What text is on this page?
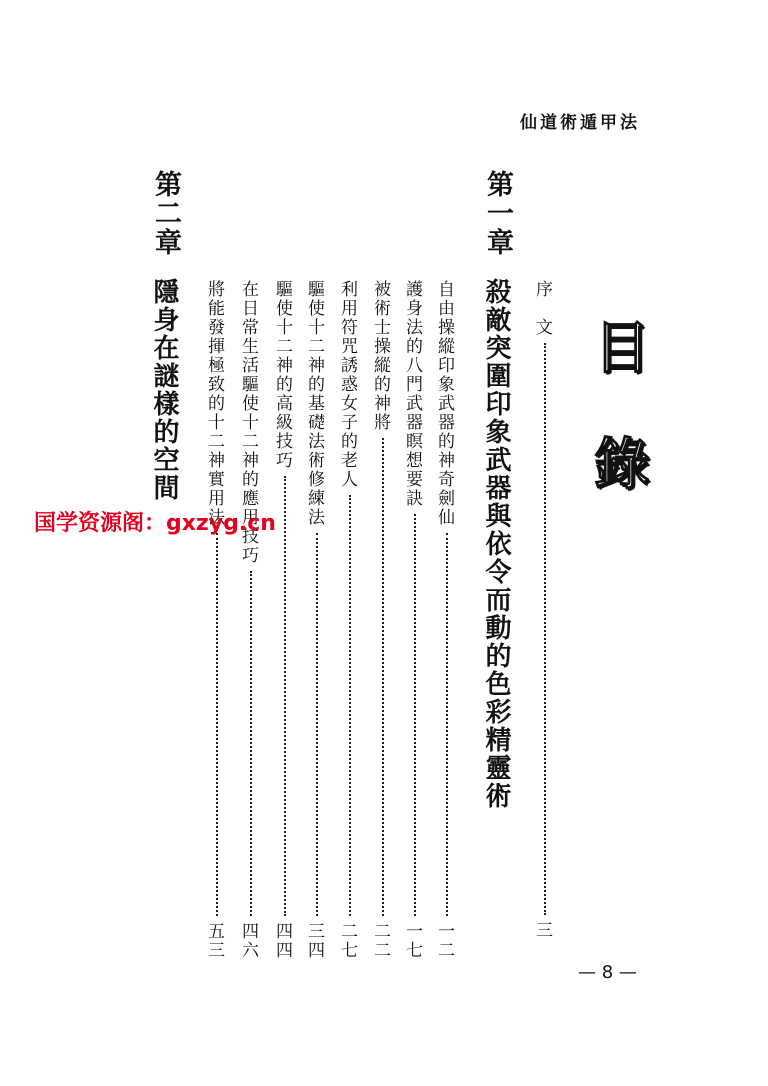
仙道術遁甲法
目錄
序　文
三
第一章
殺敵突圍印象武器與依令而動的色彩精靈術
自由操縱印象武器的神奇劍仙
一二
護身法的八門武器瞑想要訣
一七
被術士操縱的神將
二二
利用符咒誘惑女子的老人
二七
驅使十二神的基礎法術修練法
三四
驅使十二神的高級技巧
四四
在日常生活驅使十二神的應用技巧
四六
將能發揮極致的十二神實用法
五三
第二章
隱身在謎樣的空間
国学资源阁：gxzyg.cn
— 8 —
